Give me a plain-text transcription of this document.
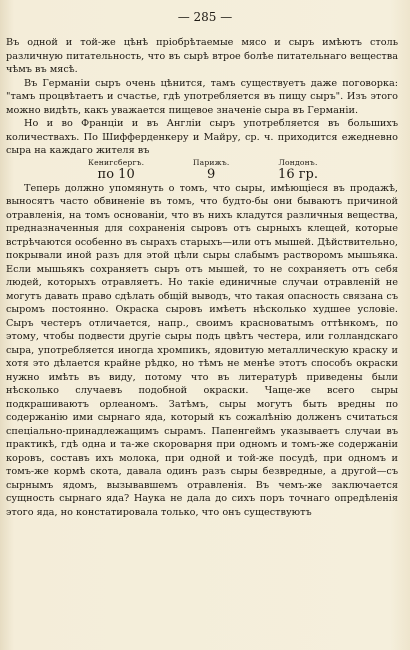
— 285 —

Въ одной и той-же цѣнѣ пріобрѣтаемые мясо и сыръ имѣютъ столь различную питательность, что въ сырѣ втрое болѣе питательнаго вещества чѣмъ въ мясѣ.

Въ Германіи сыръ очень цѣнится, тамъ существуетъ даже поговорка: "тамъ процвѣтаетъ и счастье, гдѣ употребляется въ пищу сыръ". Изъ этого можно видѣть, какъ уважается пищевое значеніе сыра въ Германіи.

Но и во Франціи и въ Англіи сыръ употребляется въ большихъ количествахъ. По Шифферденкеру и Майру, ср. ч. приходится ежедневно сыра на каждаго жителя въ

Кенигсбергъ.
по 10
Парижъ.
9
Лондонъ.
16 гр.

Теперь должно упомянуть о томъ, что сыры, имѣющіеся въ продажѣ, выносятъ часто обвиненіе въ томъ, что будто-бы они бываютъ причиной отравленія, на томъ основаніи, что въ нихъ кладутся различныя вещества, предназначенныя для сохраненія сыровъ отъ сырныхъ клещей, которые встрѣчаются особенно въ сырахъ старыхъ—или отъ мышей. Дѣйствительно, покрывали иной разъ для этой цѣли сыры слабымъ растворомъ мышьяка. Если мышьякъ сохраняетъ сыръ отъ мышей, то не сохраняетъ отъ себя людей, которыхъ отравляетъ. Но такіе единичные случаи отравленій не могутъ давать право сдѣлать общій выводъ, что такая опасность связана съ сыромъ постоянно. Окраска сыровъ имѣетъ нѣсколько худшее условіе. Сыръ честеръ отличается, напр., своимъ красноватымъ оттѣнкомъ, по этому, чтобы подвести другіе сыры подъ цвѣтъ честера, или голландскаго сыра, употребляется иногда хромпикъ, ядовитую металлическую краску и хотя это дѣлается крайне рѣдко, но тѣмъ не менѣе этотъ способъ окраски нужно имѣть въ виду, потому что въ литературѣ приведены были нѣсколько случаевъ подобной окраски. Чаще-же всего сыры подкрашиваютъ орлеаномъ. Затѣмъ, сыры могутъ быть вредны по содержанію ими сырнаго яда, который къ сожалѣнію долженъ считаться спеціально-принадлежащимъ сырамъ. Папенгеймъ указываетъ случаи въ практикѣ, гдѣ одна и та-же скороварня при одномъ и томъ-же содержаніи коровъ, составъ ихъ молока, при одной и той-же посудѣ, при одномъ и томъ-же кормѣ скота, давала одинъ разъ сыры безвредные, а другой—съ сырнымъ ядомъ, вызывавшемъ отравленія. Въ чемъ-же заключается сущность сырнаго яда? Наука не дала до сихъ поръ точнаго опредѣленія этого яда, но констатировала только, что онъ существуютъ
